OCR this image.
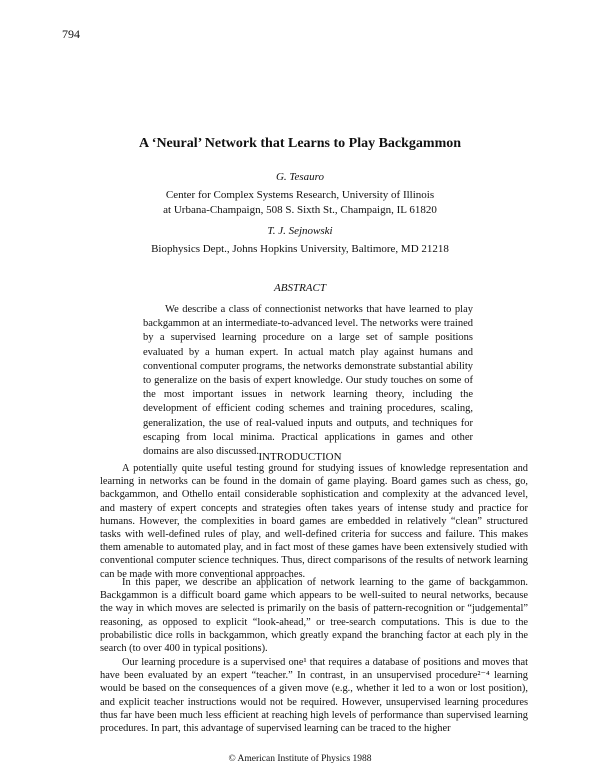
794
A ‘Neural’ Network that Learns to Play Backgammon
G. Tesauro
Center for Complex Systems Research, University of Illinois
at Urbana-Champaign, 508 S. Sixth St., Champaign, IL 61820
T. J. Sejnowski
Biophysics Dept., Johns Hopkins University, Baltimore, MD 21218
ABSTRACT

We describe a class of connectionist networks that have learned to play backgammon at an intermediate-to-advanced level. The networks were trained by a supervised learning procedure on a large set of sample positions evaluated by a human expert. In actual match play against humans and conventional computer programs, the networks demonstrate substantial ability to generalize on the basis of expert knowledge. Our study touches on some of the most important issues in network learning theory, including the development of efficient coding schemes and training procedures, scaling, generalization, the use of real-valued inputs and outputs, and techniques for escaping from local minima. Practical applications in games and other domains are also discussed. INTRODUCTION

A potentially quite useful testing ground for studying issues of knowledge representation and learning in networks can be found in the domain of game playing. Board games such as chess, go, backgammon, and Othello entail considerable sophistication and complexity at the advanced level, and mastery of expert concepts and strategies often takes years of intense study and practice for humans. However, the complexities in board games are embedded in relatively “clean” structured tasks with well-defined rules of play, and well-defined criteria for success and failure. This makes them amenable to automated play, and in fact most of these games have been extensively studied with conventional computer science techniques. Thus, direct comparisons of the results of network learning can be made with more conventional approaches.

In this paper, we describe an application of network learning to the game of backgammon. Backgammon is a difficult board game which appears to be well-suited to neural networks, because the way in which moves are selected is primarily on the basis of pattern-recognition or “judgemental” reasoning, as opposed to explicit “look-ahead,” or tree-search computations. This is due to the probabilistic dice rolls in backgammon, which greatly expand the branching factor at each ply in the search (to over 400 in typical positions).

Our learning procedure is a supervised one¹ that requires a database of positions and moves that have been evaluated by an expert “teacher.” In contrast, in an unsupervised procedure²⁻⁴ learning would be based on the consequences of a given move (e.g., whether it led to a won or lost position), and explicit teacher instructions would not be required. However, unsupervised learning procedures thus far have been much less efficient at reaching high levels of performance than supervised learning procedures. In part, this advantage of supervised learning can be traced to the higher

© American Institute of Physics 1988
